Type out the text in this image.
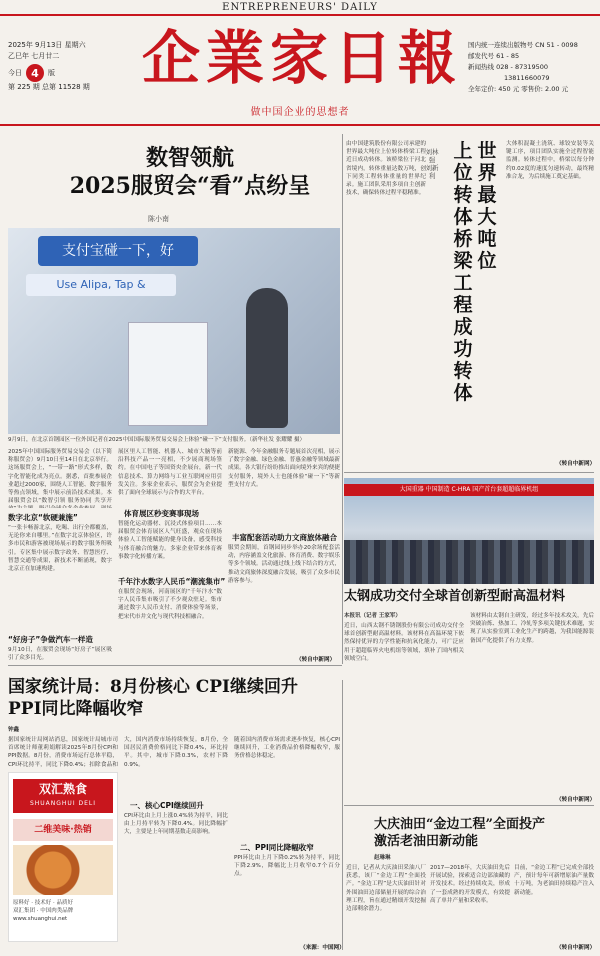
ENTREPRENEURS' DAILY
2025年 9月13日 星期六
乙巳年 七月廿二
今日 4	版
第 225 期 总第 11528 期 企業家日報
做中国企业的思想者
国内统一连续出版物号 CN 51 - 0098
邮发代号 61 - 85
新闻热线 028 - 87319500
13811660079
全年定价: 450 元 零售价: 2.00 元
数智领航
2025服贸会“看”点纷呈
陈小南
支付宝碰一下，好
Use Alipa, Tap &
9月9日，在北京首钢园区一位外国记者在2025中国国际服务贸易交易会上体验“碰一下”支付服务。（新华社发 张耀耀 摄）
2025年中国国际服务贸易交易会（以下简称服贸会）9月10日至14日在北京举行。这场服贸会上，“一带一路”形式多样，数字化智能化成为亮点。据悉，首批参展企业超过2000家，围绕人工智能、数字服务等热点领域，集中展示前沿技术成果。本届服贸会以“数智引领 服务协同 共享开
数字北京“软硬兼施”
“一张卡畅游北京，吃喝、出行全都覆盖，无论你来自哪里。”在数字北京体验区，许多市民和游客被现场展示的数字服务所吸引。专区集中展示数字政务、智慧医疗、智慧交通等成果，新技术不断涌现，数字北京正在加速构建。
“好房子”争做汽车一样造
9月10日，在服贸会现场“好房子”展区吸引了众多目光。
展区里人工智能、机器人、城市大脑等前沿科技产品一一亮相，不少展商现场签约。在中国电子等国资央企展台，新一代信息技术、算力网络与工业互联网应用引发关注。多家企业表示，服贸会为企业提供了面向全球展示与合作的大平台。
体育展区秒变赛事现场
智能化运动器材、沉浸式体验项目……本届服贸会体育展区人气旺盛，观众在现场体验人工智能赋能的健身设备，感受科技与体育融合的魅力。多家企业带来体育赛事数字化转播方案。
千年汴水数字人民币“潮流集市”
在服贸会现场，河南展区的“千年汴水”数字人民币集市吸引了不少观众驻足。集市通过数字人民币支付、消费体验等场景，把宋代市井文化与现代科技相融合。
新能源、今年金融服务专题展首次亮相，展示了数字金融、绿色金融、普惠金融等领域最新成果。各大银行纷纷推出面向境外来宾的便捷支付服务，境外人士也能体验“碰一下”等新型支付方式。
丰富配套活动助力文商旅体融合
服贸会期间，首钢园同步举办20余场配套活动，内容涵盖文化旅游、体育消费、数字娱乐等多个领域。活动通过线上线下结合的方式，推动文商旅体深度融合发展，吸引了众多市民游客参与。
（转自中新网）
由中国建筑股份有限公司承建的世界最大吨位上位转体桥梁工程近日成功转体。该桥梁位于河北省境内，转体重量达数万吨，创下同类工程转体重量的世界纪录。施工团队采用多项自主创新技术，确保转体过程平稳精准。
刘林强 刘新利
上位转体桥梁工程成功转体
世界最大吨位
大体积混凝土浇筑、球铰安装等关键工序，项目团队实施全过程智能监测。转体过程中，桥梁以每分钟约0.02度的速度匀速转动，最终精准合龙，为后续施工奠定基础。
（转自中新网）
大国重器 中国制造 C-HRA 国产首台套超超临界机组
太钢成功交付全球首创新型耐高温材料
本报讯（记者 王家军）
近日，山西太钢不锈钢股份有限公司成功交付全球首创新型耐高温材料。该材料在高温环境下依然保持优异的力学性能和抗氧化能力，可广泛应用于超超临界火电机组等领域，填补了国内相关领域空白。
该材料由太钢自主研发，经过多年技术攻关，先后突破冶炼、热加工、冷轧等多项关键技术难题，实现了从实验室到工业化生产的跨越，为我国能源装备国产化提供了有力支撑。
（转自中新网）
大庆油田“金边工程”全面投产
激活老油田新动能
赵琳琳
近日，记者从大庆油田采油八厂获悉，该厂“金边工程”全面投产。“金边工程”是大庆油田针对外围油田边部储量开展的综合治理工程，旨在通过精细开发挖掘边部剩余潜力。
2017—2018年，大庆油田先后开展试验，探索适合边部油藏的开发技术。经过持续攻关，形成了一套成熟的开发模式，有效提高了单井产量和采收率。
目前，“金边工程”已完成全部投产，预计每年可新增原油产量数十万吨，为老油田持续稳产注入新动能。
（转自中新网）
国家统计局：8月份核心 CPI继续回升
PPI同比降幅收窄
钟鑫
据国家统计局网站消息，国家统计局城市司首席统计师董莉娟解读2025年8月份CPI和PPI数据。8月份，消费市场运行总体平稳，CPI环比持平，同比下降0.4%；扣除食品和
双汇熟食
SHUANGHUI DELI
二维美味·热销
原料好 · 技术好 · 品质好
双汇集团 · 中国肉类品牌
www.shuanghui.net
大，国内消费市场持续恢复。8月份，全国居民消费价格同比下降0.4%，环比持平。其中，城市下降0.3%，农村下降0.9%。
一、核心CPI继续回升
CPI环比由上月上涨0.4%转为持平，同比由上月持平转为下降0.4%。同比降幅扩大，主要是上年同期基数走高影响。
随着国内消费市场需求逐步恢复，核心CPI继续回升，工业消费品价格降幅收窄，服务价格总体稳定。
二、PPI同比降幅收窄
PPI环比由上月下降0.2%转为持平，同比下降2.9%，降幅比上月收窄0.7个百分点。
（来源：中国网）
